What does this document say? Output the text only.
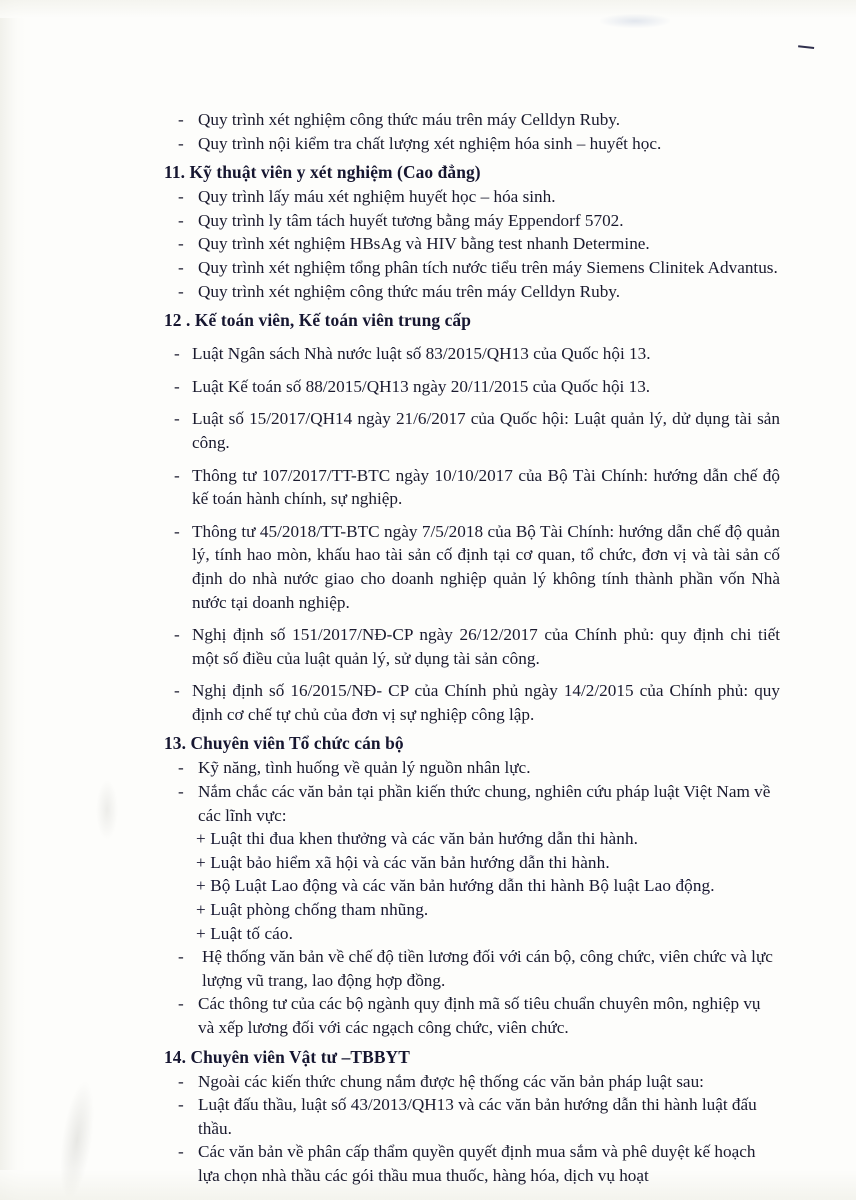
- Quy trình xét nghiệm công thức máu trên máy Celldyn Ruby.
- Quy trình nội kiểm tra chất lượng xét nghiệm hóa sinh – huyết học.
11. Kỹ thuật viên y xét nghiệm (Cao đẳng)
- Quy trình lấy máu xét nghiệm huyết học – hóa sinh.
- Quy trình ly tâm tách huyết tương bằng máy Eppendorf 5702.
- Quy trình xét nghiệm HBsAg và HIV bằng test nhanh Determine.
- Quy trình xét nghiệm tổng phân tích nước tiểu trên máy Siemens Clinitek Advantus.
- Quy trình xét nghiệm công thức máu trên máy Celldyn Ruby.
12 . Kế toán viên, Kế toán viên trung cấp
- Luật Ngân sách Nhà nước luật số 83/2015/QH13 của Quốc hội 13.
- Luật Kế toán số 88/2015/QH13 ngày 20/11/2015 của Quốc hội 13.
- Luật số 15/2017/QH14 ngày 21/6/2017 của Quốc hội: Luật quản lý, dử dụng tài sản công.
- Thông tư 107/2017/TT-BTC ngày 10/10/2017 của Bộ Tài Chính: hướng dẫn chế độ kế toán hành chính, sự nghiệp.
- Thông tư 45/2018/TT-BTC ngày 7/5/2018 của Bộ Tài Chính: hướng dẫn chế độ quản lý, tính hao mòn, khấu hao tài sản cố định tại cơ quan, tổ chức, đơn vị và tài sản cố định do nhà nước giao cho doanh nghiệp quản lý không tính thành phần vốn Nhà nước tại doanh nghiệp.
- Nghị định số 151/2017/NĐ-CP ngày 26/12/2017 của Chính phủ: quy định chi tiết một số điều của luật quản lý, sử dụng tài sản công.
- Nghị định số 16/2015/NĐ- CP của Chính phủ ngày 14/2/2015 của Chính phủ: quy định cơ chế tự chủ của đơn vị sự nghiệp công lập.
13. Chuyên viên Tổ chức cán bộ
- Kỹ năng, tình huống về quản lý nguồn nhân lực.
- Nắm chắc các văn bản tại phần kiến thức chung, nghiên cứu pháp luật Việt Nam về các lĩnh vực:
+ Luật thi đua khen thưởng và các văn bản hướng dẫn thi hành.
+ Luật bảo hiểm xã hội và các văn bản hướng dẫn thi hành.
+ Bộ Luật Lao động và các văn bản hướng dẫn thi hành Bộ luật Lao động.
+ Luật phòng chống tham nhũng.
+ Luật tố cáo.
-	Hệ thống văn bản về chế độ tiền lương đối với cán bộ, công chức, viên chức và lực lượng vũ trang, lao động hợp đồng.
- Các thông tư của các bộ ngành quy định mã số tiêu chuẩn chuyên môn, nghiệp vụ và xếp lương đối với các ngạch công chức, viên chức.
14. Chuyên viên Vật tư –TBBYT
- Ngoài các kiến thức chung nắm được hệ thống các văn bản pháp luật sau:
- Luật đấu thầu, luật số 43/2013/QH13 và các văn bản hướng dẫn thi hành luật đấu thầu.
- Các văn bản về phân cấp thẩm quyền quyết định mua sắm và phê duyệt kế hoạch lựa chọn nhà thầu các gói thầu mua thuốc, hàng hóa, dịch vụ hoạt
